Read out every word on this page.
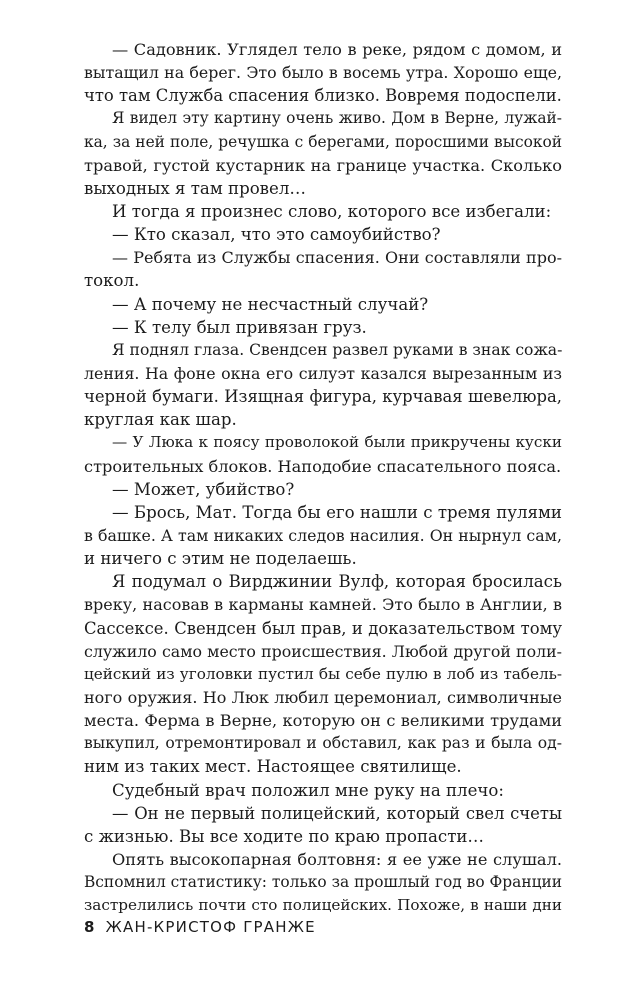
— Садовник. Углядел тело в реке, рядом с домом, и
вытащил на берег. Это было в восемь утра. Хорошо еще,
что там Служба спасения близко. Вовремя подоспели.
Я видел эту картину очень живо. Дом в Верне, лужай-
ка, за ней поле, речушка с берегами, поросшими высокой
травой, густой кустарник на границе участка. Сколько
выходных я там провел…
И тогда я произнес слово, которого все избегали:
— Кто сказал, что это самоубийство?
— Ребята из Службы спасения. Они составляли про-
токол.
— А почему не несчастный случай?
— К телу был привязан груз.
Я поднял глаза. Свендсен развел руками в знак сожа-
ления. На фоне окна его силуэт казался вырезанным из
черной бумаги. Изящная фигура, курчавая шевелюра,
круглая как шар.
— У Люка к поясу проволокой были прикручены куски
строительных блоков. Наподобие спасательного пояса.
— Может, убийство?
— Брось, Мат. Тогда бы его нашли с тремя пулями
в башке. А там никаких следов насилия. Он нырнул сам,
и ничего с этим не поделаешь.
Я подумал о Вирджинии Вулф, которая бросилась
вреку, насовав в карманы камней. Это было в Англии, в
Сассексе. Свендсен был прав, и доказательством тому
служило само место происшествия. Любой другой поли-
цейский из уголовки пустил бы себе пулю в лоб из табель-
ного оружия. Но Люк любил церемониал, символичные
места. Ферма в Верне, которую он с великими трудами
выкупил, отремонтировал и обставил, как раз и была од-
ним из таких мест. Настоящее святилище.
Судебный врач положил мне руку на плечо:
— Он не первый полицейский, который свел счеты
с жизнью. Вы все ходите по краю пропасти…
Опять высокопарная болтовня: я ее уже не слушал.
Вспомнил статистику: только за прошлый год во Франции
застрелились почти сто полицейских. Похоже, в наши дни
8 ЖАН-КРИСТОФ ГРАНЖЕ
